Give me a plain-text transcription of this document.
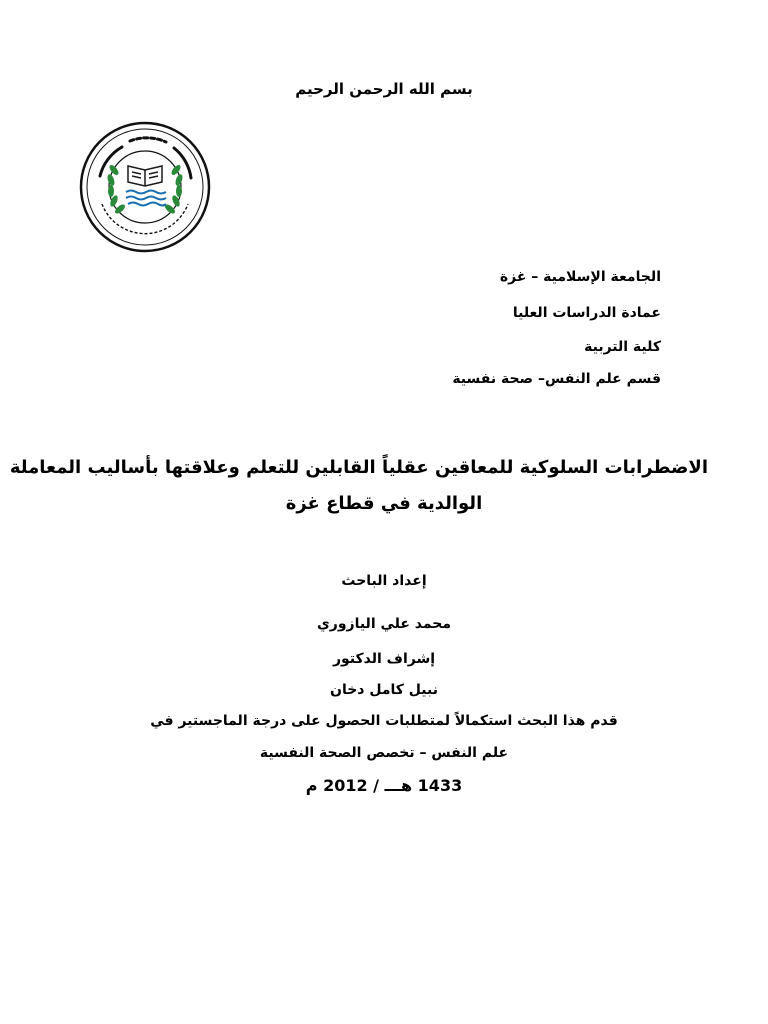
بسم الله الرحمن الرحيم
الجامعة الإسلامية – غزة
عمادة الدراسات العليا
كلية التربية
قسم علم النفس– صحة نفسية
الاضطرابات السلوكية للمعاقين عقلياً القابلين للتعلم وعلاقتها بأساليب المعاملة
الوالدية في قطاع غزة
إعداد الباحث
محمد علي اليازوري
إشراف الدكتور
نبيل كامل دخان
قدم هذا البحث استكمالاً لمتطلبات الحصول على درجة الماجستير في
علم النفس – تخصص الصحة النفسية
1433 هـــ / 2012 م
